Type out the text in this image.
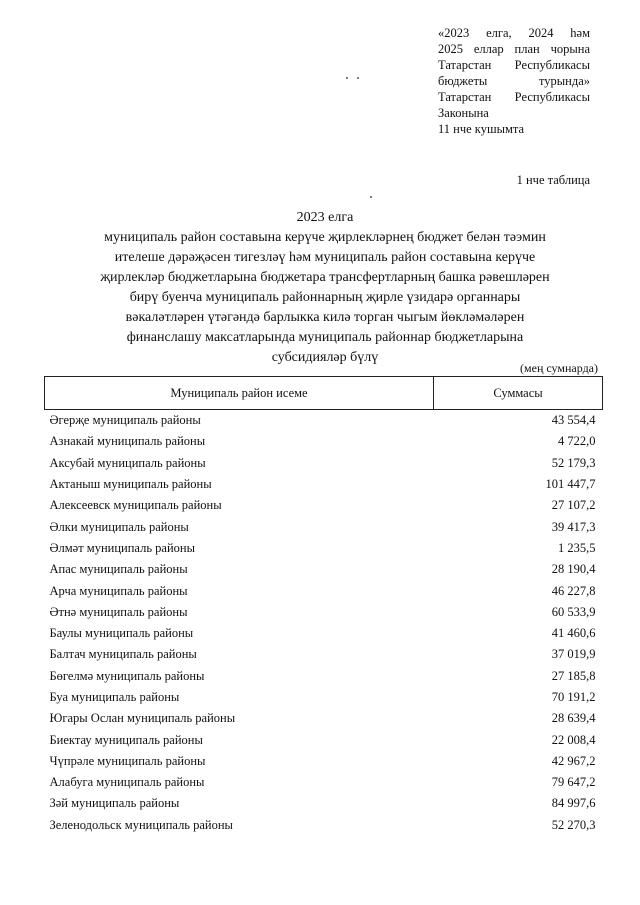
«2023 елга, 2024 һәм
2025 еллар план чорына
Татарстан Республикасы
бюджеты турында»
Татарстан Республикасы
Законына
11 нче кушымта
1 нче таблица
2023 елга
муниципаль район составына керүче җирлекләрнең бюджет белән тәэмин
ителеше дәрәҗәсен тигезләү һәм муниципаль район составына керүче
җирлекләр бюджетларына бюджетара трансфертларның башка рәвешләрен
бирү буенча муниципаль районнарның җирле үзидарә органнары
вәкаләтләрен үтәгәндә барлыкка килә торган чыгым йөкләмәләрен
финанслашу максатларында муниципаль районнар бюджетларына
субсидияләр бүлү
(мең сумнарда)
Муниципаль район исеме	Суммасы
Әгерҗе муниципаль районы	43 554,4
Азнакай муниципаль районы	4 722,0
Аксубай муниципаль районы	52 179,3
Актаныш муниципаль районы	101 447,7
Алексеевск муниципаль районы	27 107,2
Әлки муниципаль районы	39 417,3
Әлмәт муниципаль районы	1 235,5
Апас муниципаль районы	28 190,4
Арча муниципаль районы	46 227,8
Әтнә муниципаль районы	60 533,9
Баулы муниципаль районы	41 460,6
Балтач муниципаль районы	37 019,9
Бөгелмә муниципаль районы	27 185,8
Буа муниципаль районы	70 191,2
Югары Ослан муниципаль районы	28 639,4
Биектау муниципаль районы	22 008,4
Чүпрәле муниципаль районы	42 967,2
Алабуга муниципаль районы	79 647,2
Зәй муниципаль районы	84 997,6
Зеленодольск муниципаль районы	52 270,3
